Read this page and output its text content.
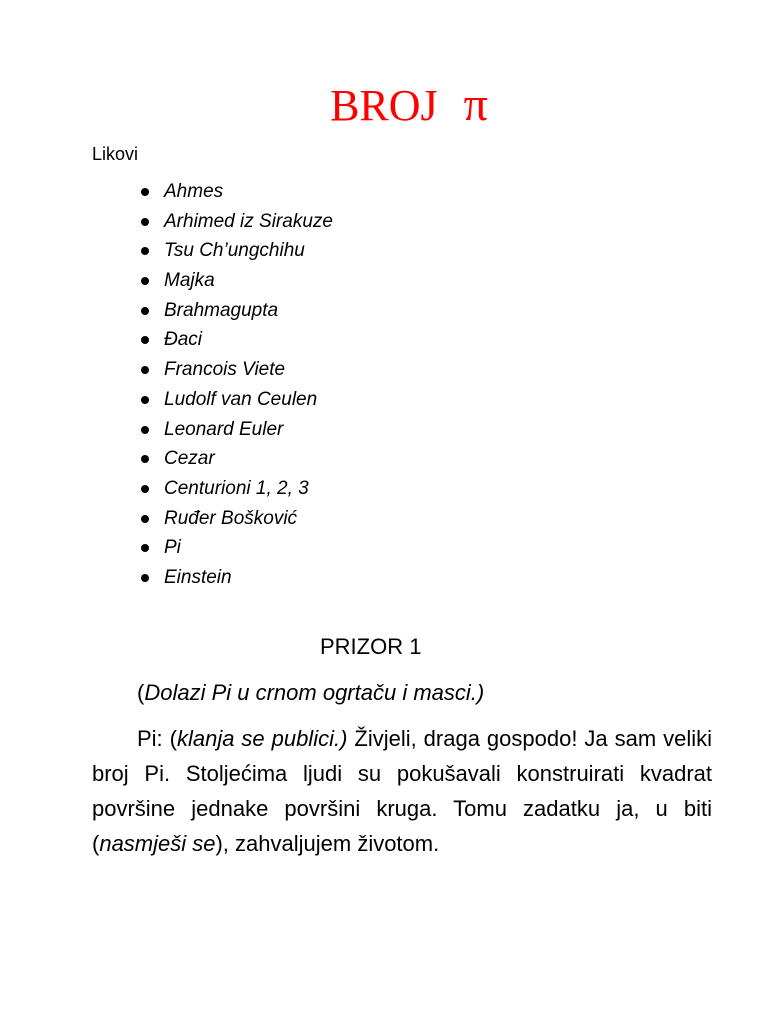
BROJ π
Likovi
Ahmes
Arhimed iz Sirakuze
Tsu Ch’ungchihu
Majka
Brahmagupta
Đaci
Francois Viete
Ludolf van Ceulen
Leonard Euler
Cezar
Centurioni 1, 2, 3
Ruđer Bošković
Pi
Einstein
PRIZOR 1
(Dolazi Pi u crnom ogrtaču i masci.)

Pi: (klanja se publici.) Živjeli, draga gospodo! Ja sam veliki broj Pi. Stoljećima ljudi su pokušavali konstruirati kvadrat površine jednake površini kruga. Tomu zadatku ja, u biti (nasmješi se), zahvaljujem životom.
